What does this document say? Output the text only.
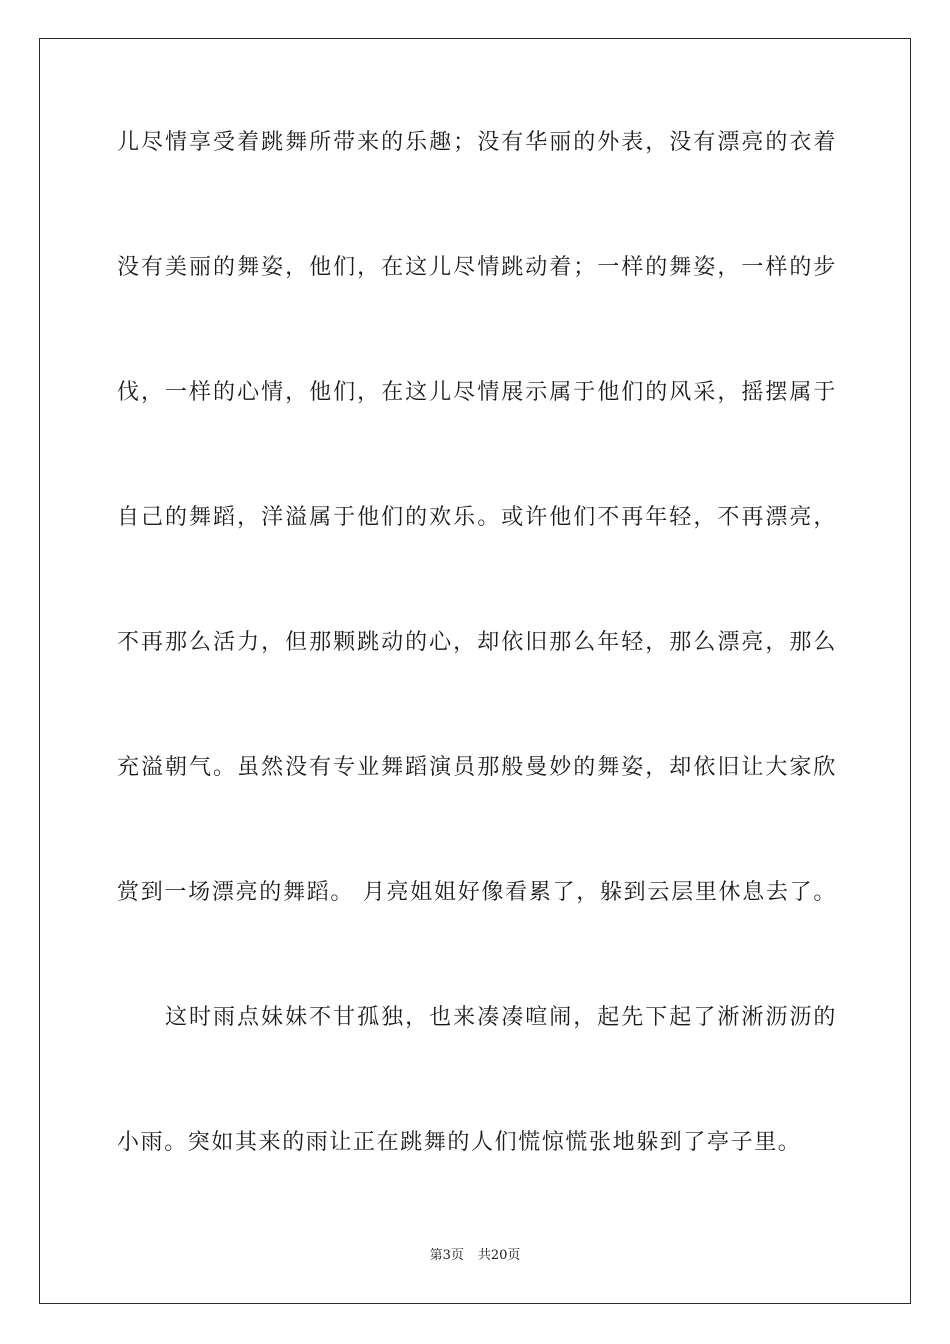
儿尽情享受着跳舞所带来的乐趣；没有华丽的外表，没有漂亮的衣着
没有美丽的舞姿，他们，在这儿尽情跳动着；一样的舞姿，一样的步
伐，一样的心情，他们，在这儿尽情展示属于他们的风采，摇摆属于
自己的舞蹈，洋溢属于他们的欢乐。或许他们不再年轻，不再漂亮，
不再那么活力，但那颗跳动的心，却依旧那么年轻，那么漂亮，那么
充溢朝气。虽然没有专业舞蹈演员那般曼妙的舞姿，却依旧让大家欣
赏到一场漂亮的舞蹈。 月亮姐姐好像看累了，躲到云层里休息去了。
这时雨点妹妹不甘孤独，也来凑凑喧闹，起先下起了淅淅沥沥的
小雨。突如其来的雨让正在跳舞的人们慌惊慌张地躲到了亭子里。
第3页 共20页
